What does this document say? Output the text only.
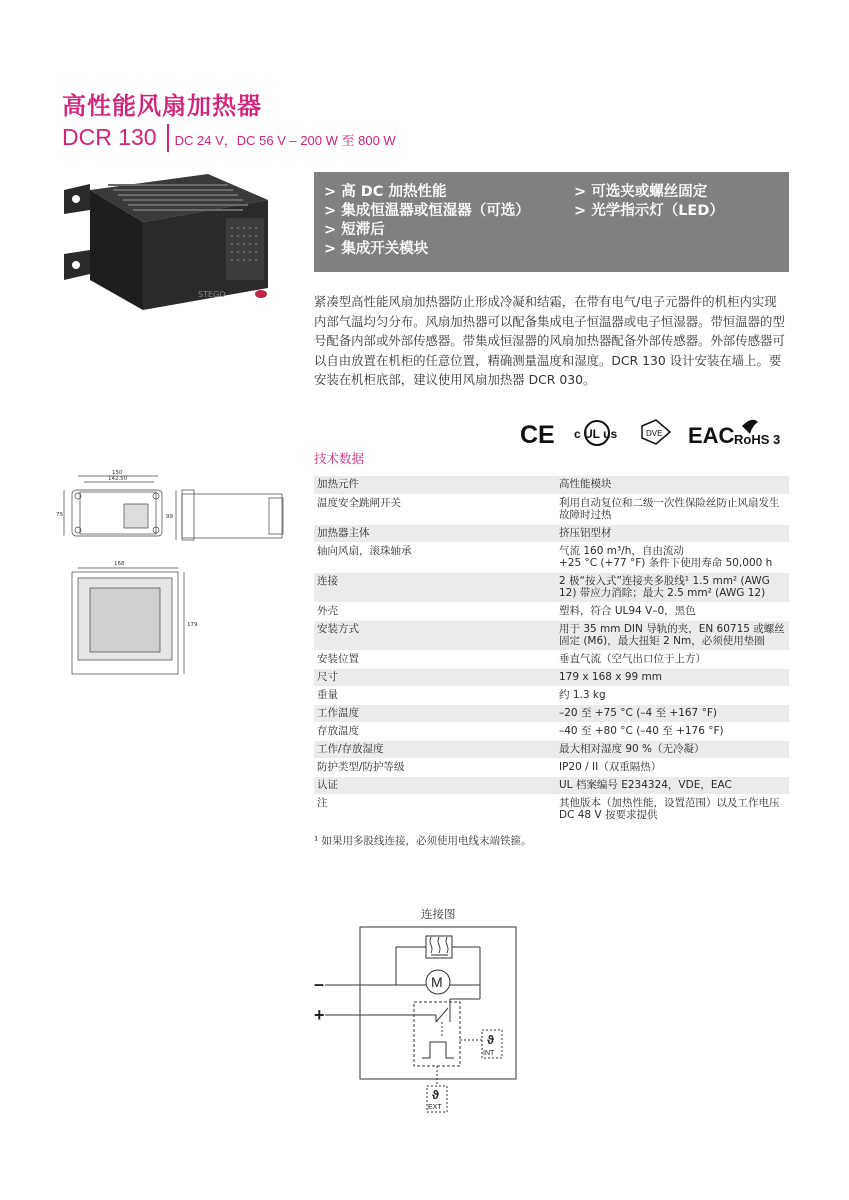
高性能风扇加热器
DCR 130 DC 24 V，DC 56 V – 200 W 至 800 W
STEGO
> 高 DC 加热性能
> 集成恒温器或恒湿器（可选）
> 短滞后
> 集成开关模块
> 可选夹或螺丝固定
> 光学指示灯（LED）
紧凑型高性能风扇加热器防止形成冷凝和结霜，在带有电气/电子元器件的机柜内实现内部气温均匀分布。风扇加热器可以配备集成电子恒温器或电子恒湿器。带恒温器的型号配备内部或外部传感器。带集成恒湿器的风扇加热器配备外部传感器。外部传感器可以自由放置在机柜的任意位置，精确测量温度和湿度。DCR 130 设计安装在墙上。要安装在机柜底部，建议使用风扇加热器 DCR 030。
CE c UL us	DVE EAC RoHS 3
技术数据
加热元件	高性能模块
温度安全跳闸开关	利用自动复位和二级一次性保险丝防止风扇发生故障时过热
加热器主体	挤压铝型材
轴向风扇，滚珠轴承	气流 160 m³/h，自由流动
+25 °C (+77 °F) 条件下使用寿命 50,000 h
连接	2 极“按入式”连接夹多股线¹ 1.5 mm² (AWG 12) 带应力消除；最大 2.5 mm² (AWG 12)
外壳	塑料，符合 UL94 V–0，黑色
安装方式	用于 35 mm DIN 导轨的夹，EN 60715 或螺丝固定 (M6)，最大扭矩 2 Nm，必须使用垫圈
安装位置	垂直气流（空气出口位于上方）
尺寸	179 x 168 x 99 mm
重量	约 1.3 kg
工作温度	–20 至 +75 °C (–4 至 +167 °F)
存放温度	–40 至 +80 °C (–40 至 +176 °F)
工作/存放湿度	最大相对湿度 90 %（无冷凝）
防护类型/防护等级	IP20 / II（双重隔热）
认证	UL 档案编号 E234324，VDE，EAC
注	其他版本（加热性能，设置范围）以及工作电压 DC 48 V 按要求提供
¹ 如果用多股线连接，必须使用电线末端铁箍。
150
142.50
75	99
168
179
连接图
M
–
+
ϑ
INT
ϑ
EXT
